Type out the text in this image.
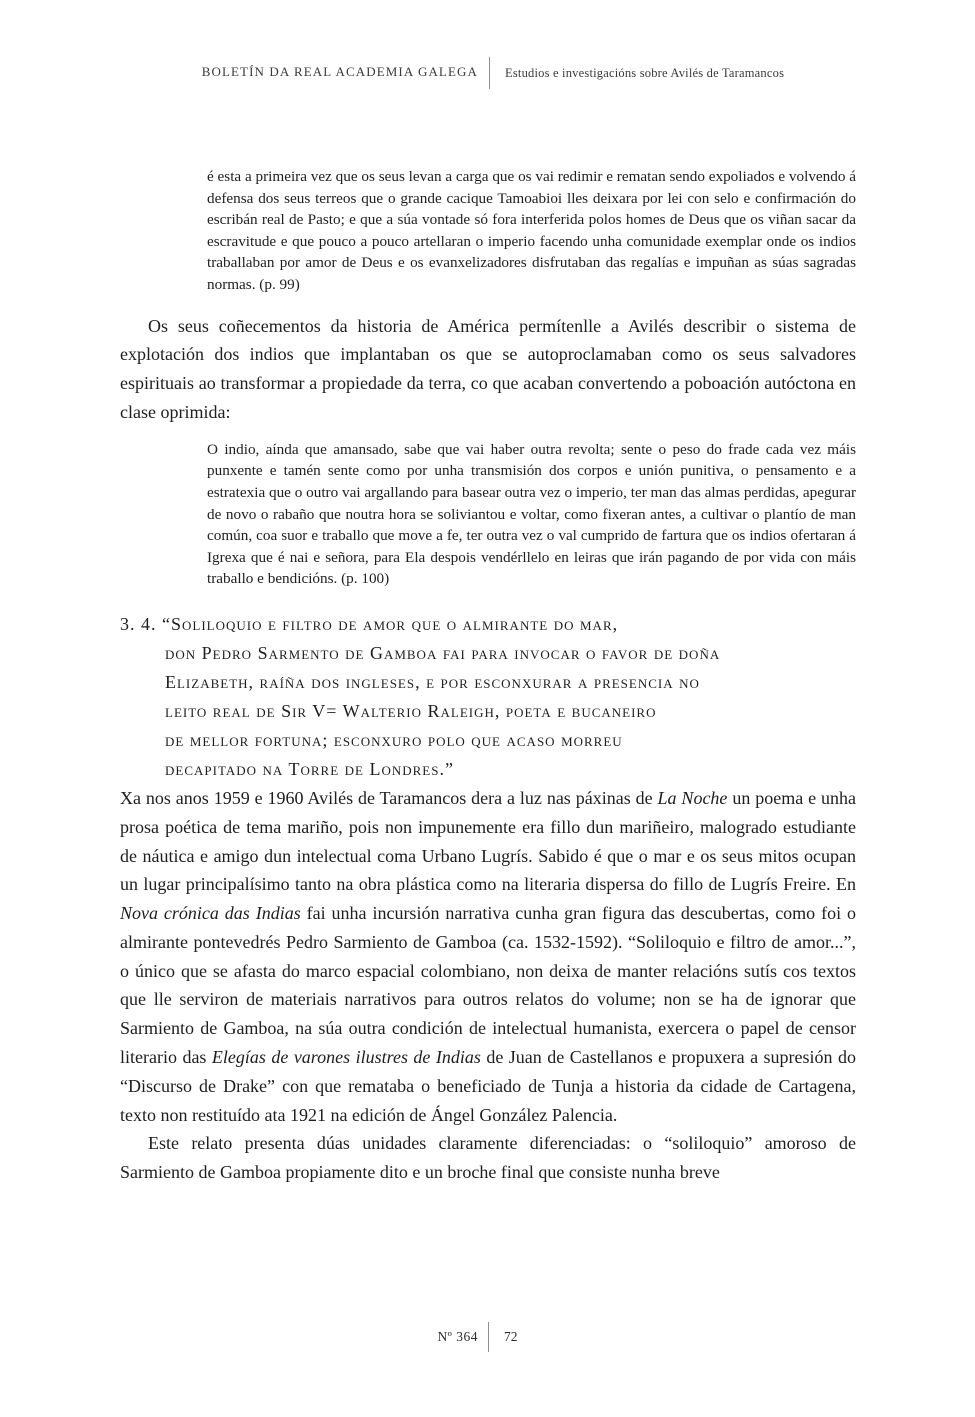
BOLETÍN DA REAL ACADEMIA GALEGA Estudios e investigacións sobre Avilés de Taramancos

é esta a primeira vez que os seus levan a carga que os vai redimir e rematan sendo expoliados e volvendo á defensa dos seus terreos que o grande cacique Tamoabioi lles deixara por lei con selo e confirmación do escribán real de Pasto; e que a súa vontade só fora interferida polos homes de Deus que os viñan sacar da escravitude e que pouco a pouco artellaran o imperio facendo unha comunidade exemplar onde os indios traballaban por amor de Deus e os evanxelizadores disfrutaban das regalías e impuñan as súas sagradas normas. (p. 99)

Os seus coñecementos da historia de América permítenlle a Avilés describir o sistema de explotación dos indios que implantaban os que se autoproclamaban como os seus salvadores espirituais ao transformar a propiedade da terra, co que acaban convertendo a poboación autóctona en clase oprimida:

O indio, aínda que amansado, sabe que vai haber outra revolta; sente o peso do frade cada vez máis punxente e tamén sente como por unha transmisión dos corpos e unión punitiva, o pensamento e a estratexia que o outro vai argallando para basear outra vez o imperio, ter man das almas perdidas, apegurar de novo o rabaño que noutra hora se soliviantou e voltar, como fixeran antes, a cultivar o plantío de man común, coa suor e traballo que move a fe, ter outra vez o val cumprido de fartura que os indios ofertaran á Igrexa que é nai e señora, para Ela despois vendérllelo en leiras que irán pagando de por vida con máis traballo e bendicións. (p. 100)

3. 4. “Soliloquio e filtro de amor que o almirante do mar,
don Pedro Sarmento de Gamboa fai para invocar o favor de doña
Elizabeth, raíña dos ingleses, e por esconxurar a presencia no
leito real de Sir V= Walterio Raleigh, poeta e bucaneiro
de mellor fortuna; esconxuro polo que acaso morreu
decapitado na Torre de Londres.”

Xa nos anos 1959 e 1960 Avilés de Taramancos dera a luz nas páxinas de La Noche un poema e unha prosa poética de tema mariño, pois non impunemente era fillo dun mariñeiro, malogrado estudiante de náutica e amigo dun intelectual coma Urbano Lugrís. Sabido é que o mar e os seus mitos ocupan un lugar principalísimo tanto na obra plástica como na literaria dispersa do fillo de Lugrís Freire. En Nova crónica das Indias fai unha incursión narrativa cunha gran figura das descubertas, como foi o almirante pontevedrés Pedro Sarmiento de Gamboa (ca. 1532-1592). “Soliloquio e filtro de amor...”, o único que se afasta do marco espacial colombiano, non deixa de manter relacións sutís cos textos que lle serviron de materiais narrativos para outros relatos do volume; non se ha de ignorar que Sarmiento de Gamboa, na súa outra condición de intelectual humanista, exercera o papel de censor literario das Elegías de varones ilustres de Indias de Juan de Castellanos e propuxera a supresión do “Discurso de Drake” con que remataba o beneficiado de Tunja a historia da cidade de Cartagena, texto non restituído ata 1921 na edición de Ángel González Palencia.

Este relato presenta dúas unidades claramente diferenciadas: o “soliloquio” amoroso de Sarmiento de Gamboa propiamente dito e un broche final que consiste nunha breve

Nº 364 72
